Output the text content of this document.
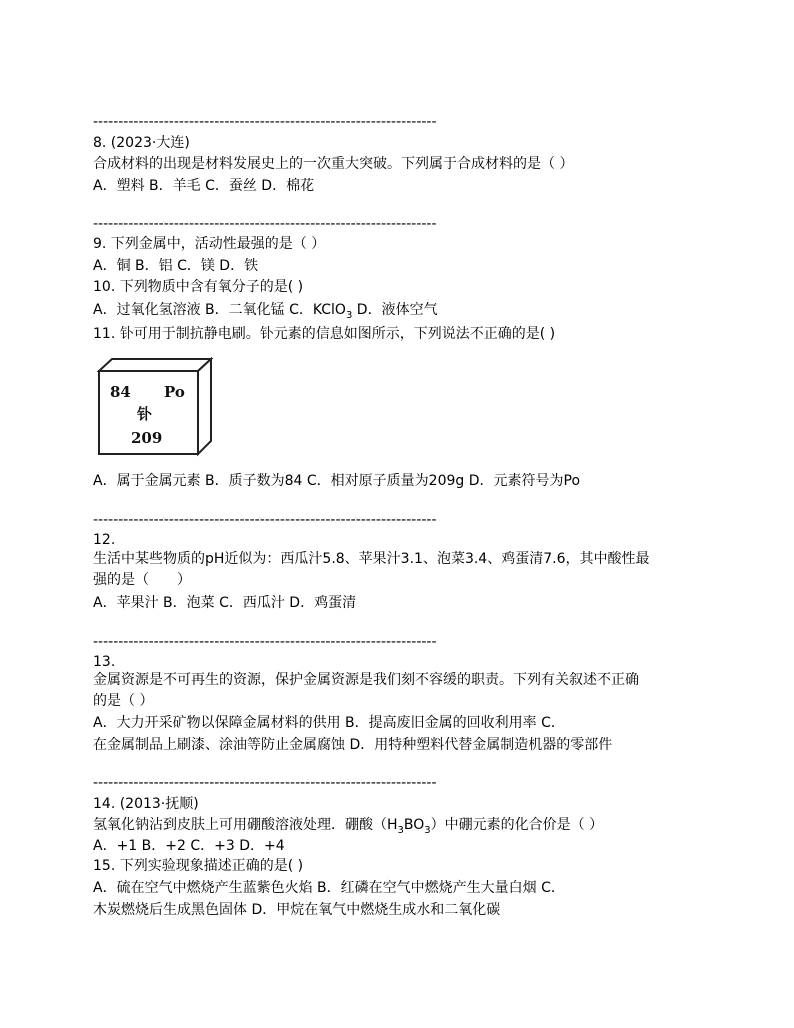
--------------------------------------------------------------------
8. (2023·大连)
合成材料的出现是材料发展史上的一次重大突破。下列属于合成材料的是（ ）
A．塑料 B．羊毛 C．蚕丝 D．棉花
--------------------------------------------------------------------
9. 下列金属中，活动性最强的是（ ）
A．铜 B．铝 C．镁 D．铁
10. 下列物质中含有氧分子的是( )
A．过氧化氢溶液 B．二氧化锰 C．KClO$_3$ D．液体空气
11. 钋可用于制抗静电刷。钋元素的信息如图所示，下列说法不正确的是( )
84 Po
钋
209
A．属于金属元素 B．质子数为84 C．相对原子质量为209g D．元素符号为Po
--------------------------------------------------------------------
12.
生活中某些物质的pH近似为：西瓜汁5.8、苹果汁3.1、泡菜3.4、鸡蛋清7.6，其中酸性最
强的是（　　）
A．苹果汁 B．泡菜 C．西瓜汁 D．鸡蛋清
--------------------------------------------------------------------
13.
金属资源是不可再生的资源，保护金属资源是我们刻不容缓的职责。下列有关叙述不正确
的是（ ）
A．大力开采矿物以保障金属材料的供用 B．提高废旧金属的回收利用率 C．
在金属制品上刷漆、涂油等防止金属腐蚀 D．用特种塑料代替金属制造机器的零部件
--------------------------------------------------------------------
14. (2013·抚顺)
氢氧化钠沾到皮肤上可用硼酸溶液处理．硼酸$(H_3BO_3)$中硼元素的化合价是（ ）
A．+1 B．+2 C．+3 D．+4
15. 下列实验现象描述正确的是( )
A．硫在空气中燃烧产生蓝紫色火焰 B．红磷在空气中燃烧产生大量白烟 C．
木炭燃烧后生成黑色固体 D．甲烷在氧气中燃烧生成水和二氧化碳
